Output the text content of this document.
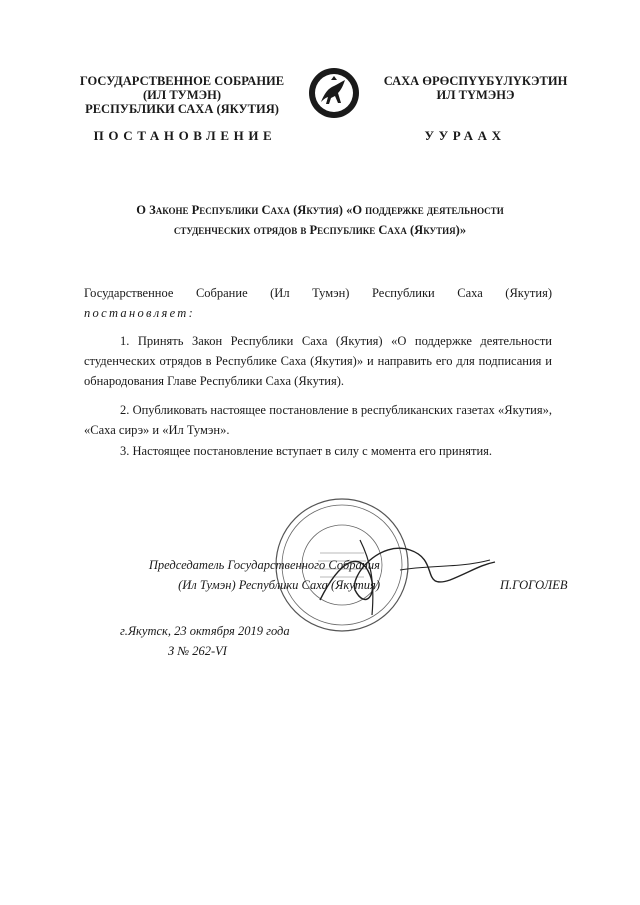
ГОСУДАРСТВЕННОЕ СОБРАНИЕ
(ИЛ ТУМЭН)
РЕСПУБЛИКИ САХА (ЯКУТИЯ)
САХА ӨРӨСПҮҮБҮЛҮКЭТИН
ИЛ ТҮМЭНЭ
ПОСТАНОВЛЕНИЕ	УУРААХ
О Законе Республики Саха (Якутия) «О поддержке деятельности
студенческих отрядов в Республике Саха (Якутия)»
Государственное Собрание (Ил Тумэн) Республики Саха (Якутия)
постановляет:
1. Принять Закон Республики Саха (Якутия) «О поддержке деятельности студенческих отрядов в Республике Саха (Якутия)» и направить его для подписания и обнародования Главе Республики Саха (Якутия).
2. Опубликовать настоящее постановление в республиканских газетах «Якутия», «Саха сирэ» и «Ил Тумэн».
3. Настоящее постановление вступает в силу с момента его принятия.
Председатель Государственного Собрания
(Ил Тумэн) Республики Саха (Якутия)	П.ГОГОЛЕВ
г.Якутск, 23 октября 2019 года
З № 262-VI
